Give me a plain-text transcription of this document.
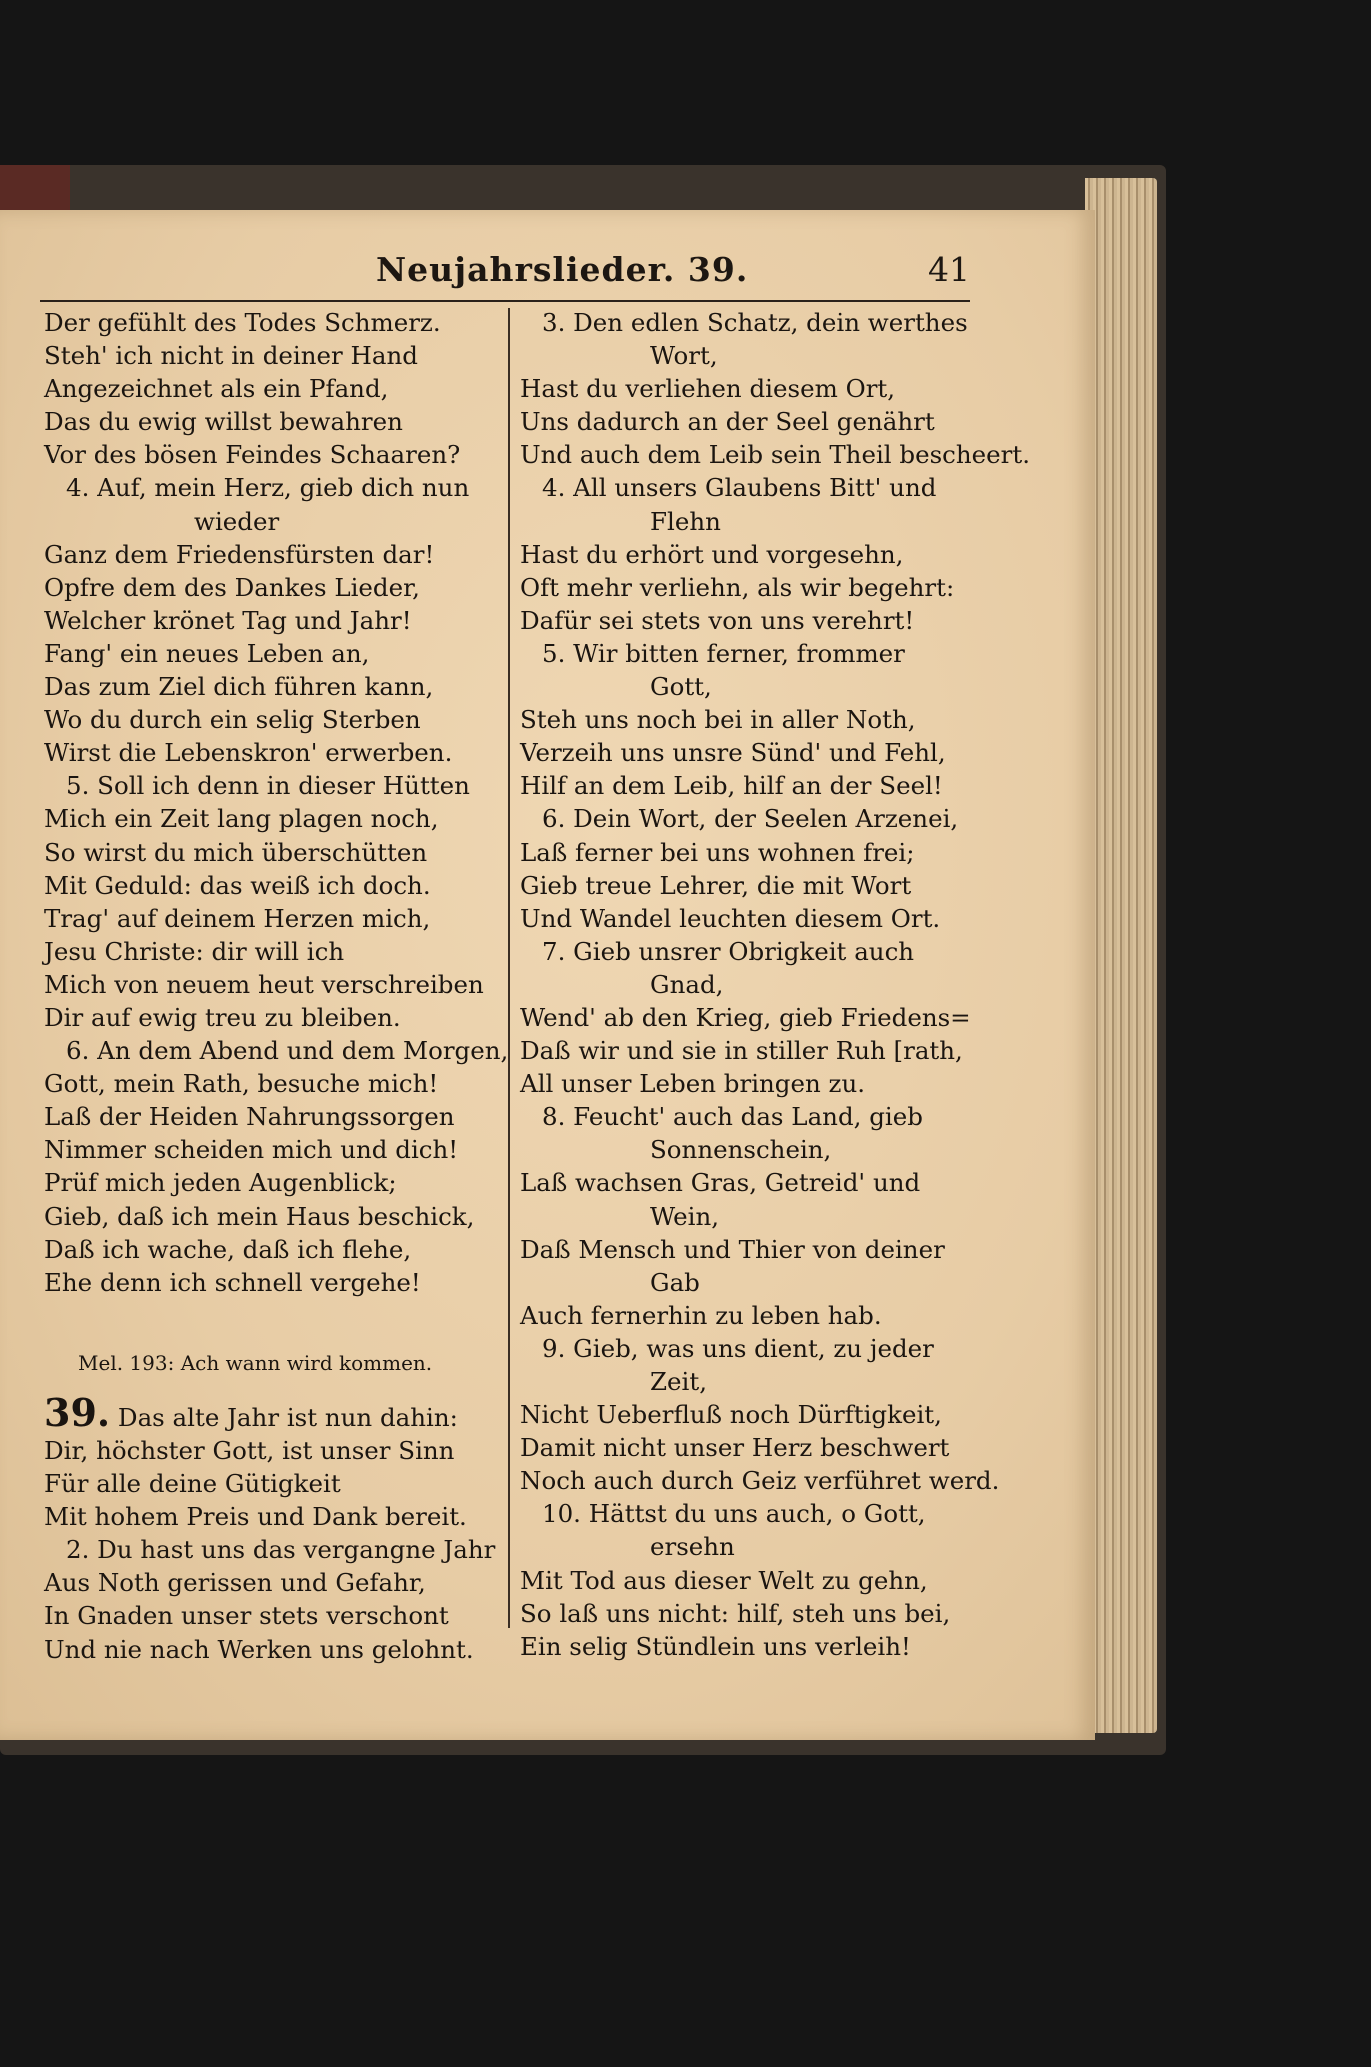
Neujahrslieder. 39.	41
Der gefühlt des Todes Schmerz.
Steh' ich nicht in deiner Hand
Angezeichnet als ein Pfand,
Das du ewig willst bewahren
Vor des bösen Feindes Schaaren?
4. Auf, mein Herz, gieb dich nun
wieder
Ganz dem Friedensfürsten dar!
Opfre dem des Dankes Lieder,
Welcher krönet Tag und Jahr!
Fang' ein neues Leben an,
Das zum Ziel dich führen kann,
Wo du durch ein selig Sterben
Wirst die Lebenskron' erwerben.
5. Soll ich denn in dieser Hütten
Mich ein Zeit lang plagen noch,
So wirst du mich überschütten
Mit Geduld: das weiß ich doch.
Trag' auf deinem Herzen mich,
Jesu Christe: dir will ich
Mich von neuem heut verschreiben
Dir auf ewig treu zu bleiben.
6. An dem Abend und dem Morgen,
Gott, mein Rath, besuche mich!
Laß der Heiden Nahrungssorgen
Nimmer scheiden mich und dich!
Prüf mich jeden Augenblick;
Gieb, daß ich mein Haus beschick,
Daß ich wache, daß ich flehe,
Ehe denn ich schnell vergehe!
Mel. 193: Ach wann wird kommen.
39. Das alte Jahr ist nun dahin:
Dir, höchster Gott, ist unser Sinn
Für alle deine Gütigkeit
Mit hohem Preis und Dank bereit.
2. Du hast uns das vergangne Jahr
Aus Noth gerissen und Gefahr,
In Gnaden unser stets verschont
Und nie nach Werken uns gelohnt.
3. Den edlen Schatz, dein werthes
Wort,
Hast du verliehen diesem Ort,
Uns dadurch an der Seel genährt
Und auch dem Leib sein Theil bescheert.
4. All unsers Glaubens Bitt' und
Flehn
Hast du erhört und vorgesehn,
Oft mehr verliehn, als wir begehrt:
Dafür sei stets von uns verehrt!
5. Wir bitten ferner, frommer
Gott,
Steh uns noch bei in aller Noth,
Verzeih uns unsre Sünd' und Fehl,
Hilf an dem Leib, hilf an der Seel!
6. Dein Wort, der Seelen Arzenei,
Laß ferner bei uns wohnen frei;
Gieb treue Lehrer, die mit Wort
Und Wandel leuchten diesem Ort.
7. Gieb unsrer Obrigkeit auch
Gnad,
Wend' ab den Krieg, gieb Friedens=
Daß wir und sie in stiller Ruh [rath,
All unser Leben bringen zu.
8. Feucht' auch das Land, gieb
Sonnenschein,
Laß wachsen Gras, Getreid' und
Wein,
Daß Mensch und Thier von deiner
Gab
Auch fernerhin zu leben hab.
9. Gieb, was uns dient, zu jeder
Zeit,
Nicht Ueberfluß noch Dürftigkeit,
Damit nicht unser Herz beschwert
Noch auch durch Geiz verführet werd.
10. Hättst du uns auch, o Gott,
ersehn
Mit Tod aus dieser Welt zu gehn,
So laß uns nicht: hilf, steh uns bei,
Ein selig Stündlein uns verleih!
